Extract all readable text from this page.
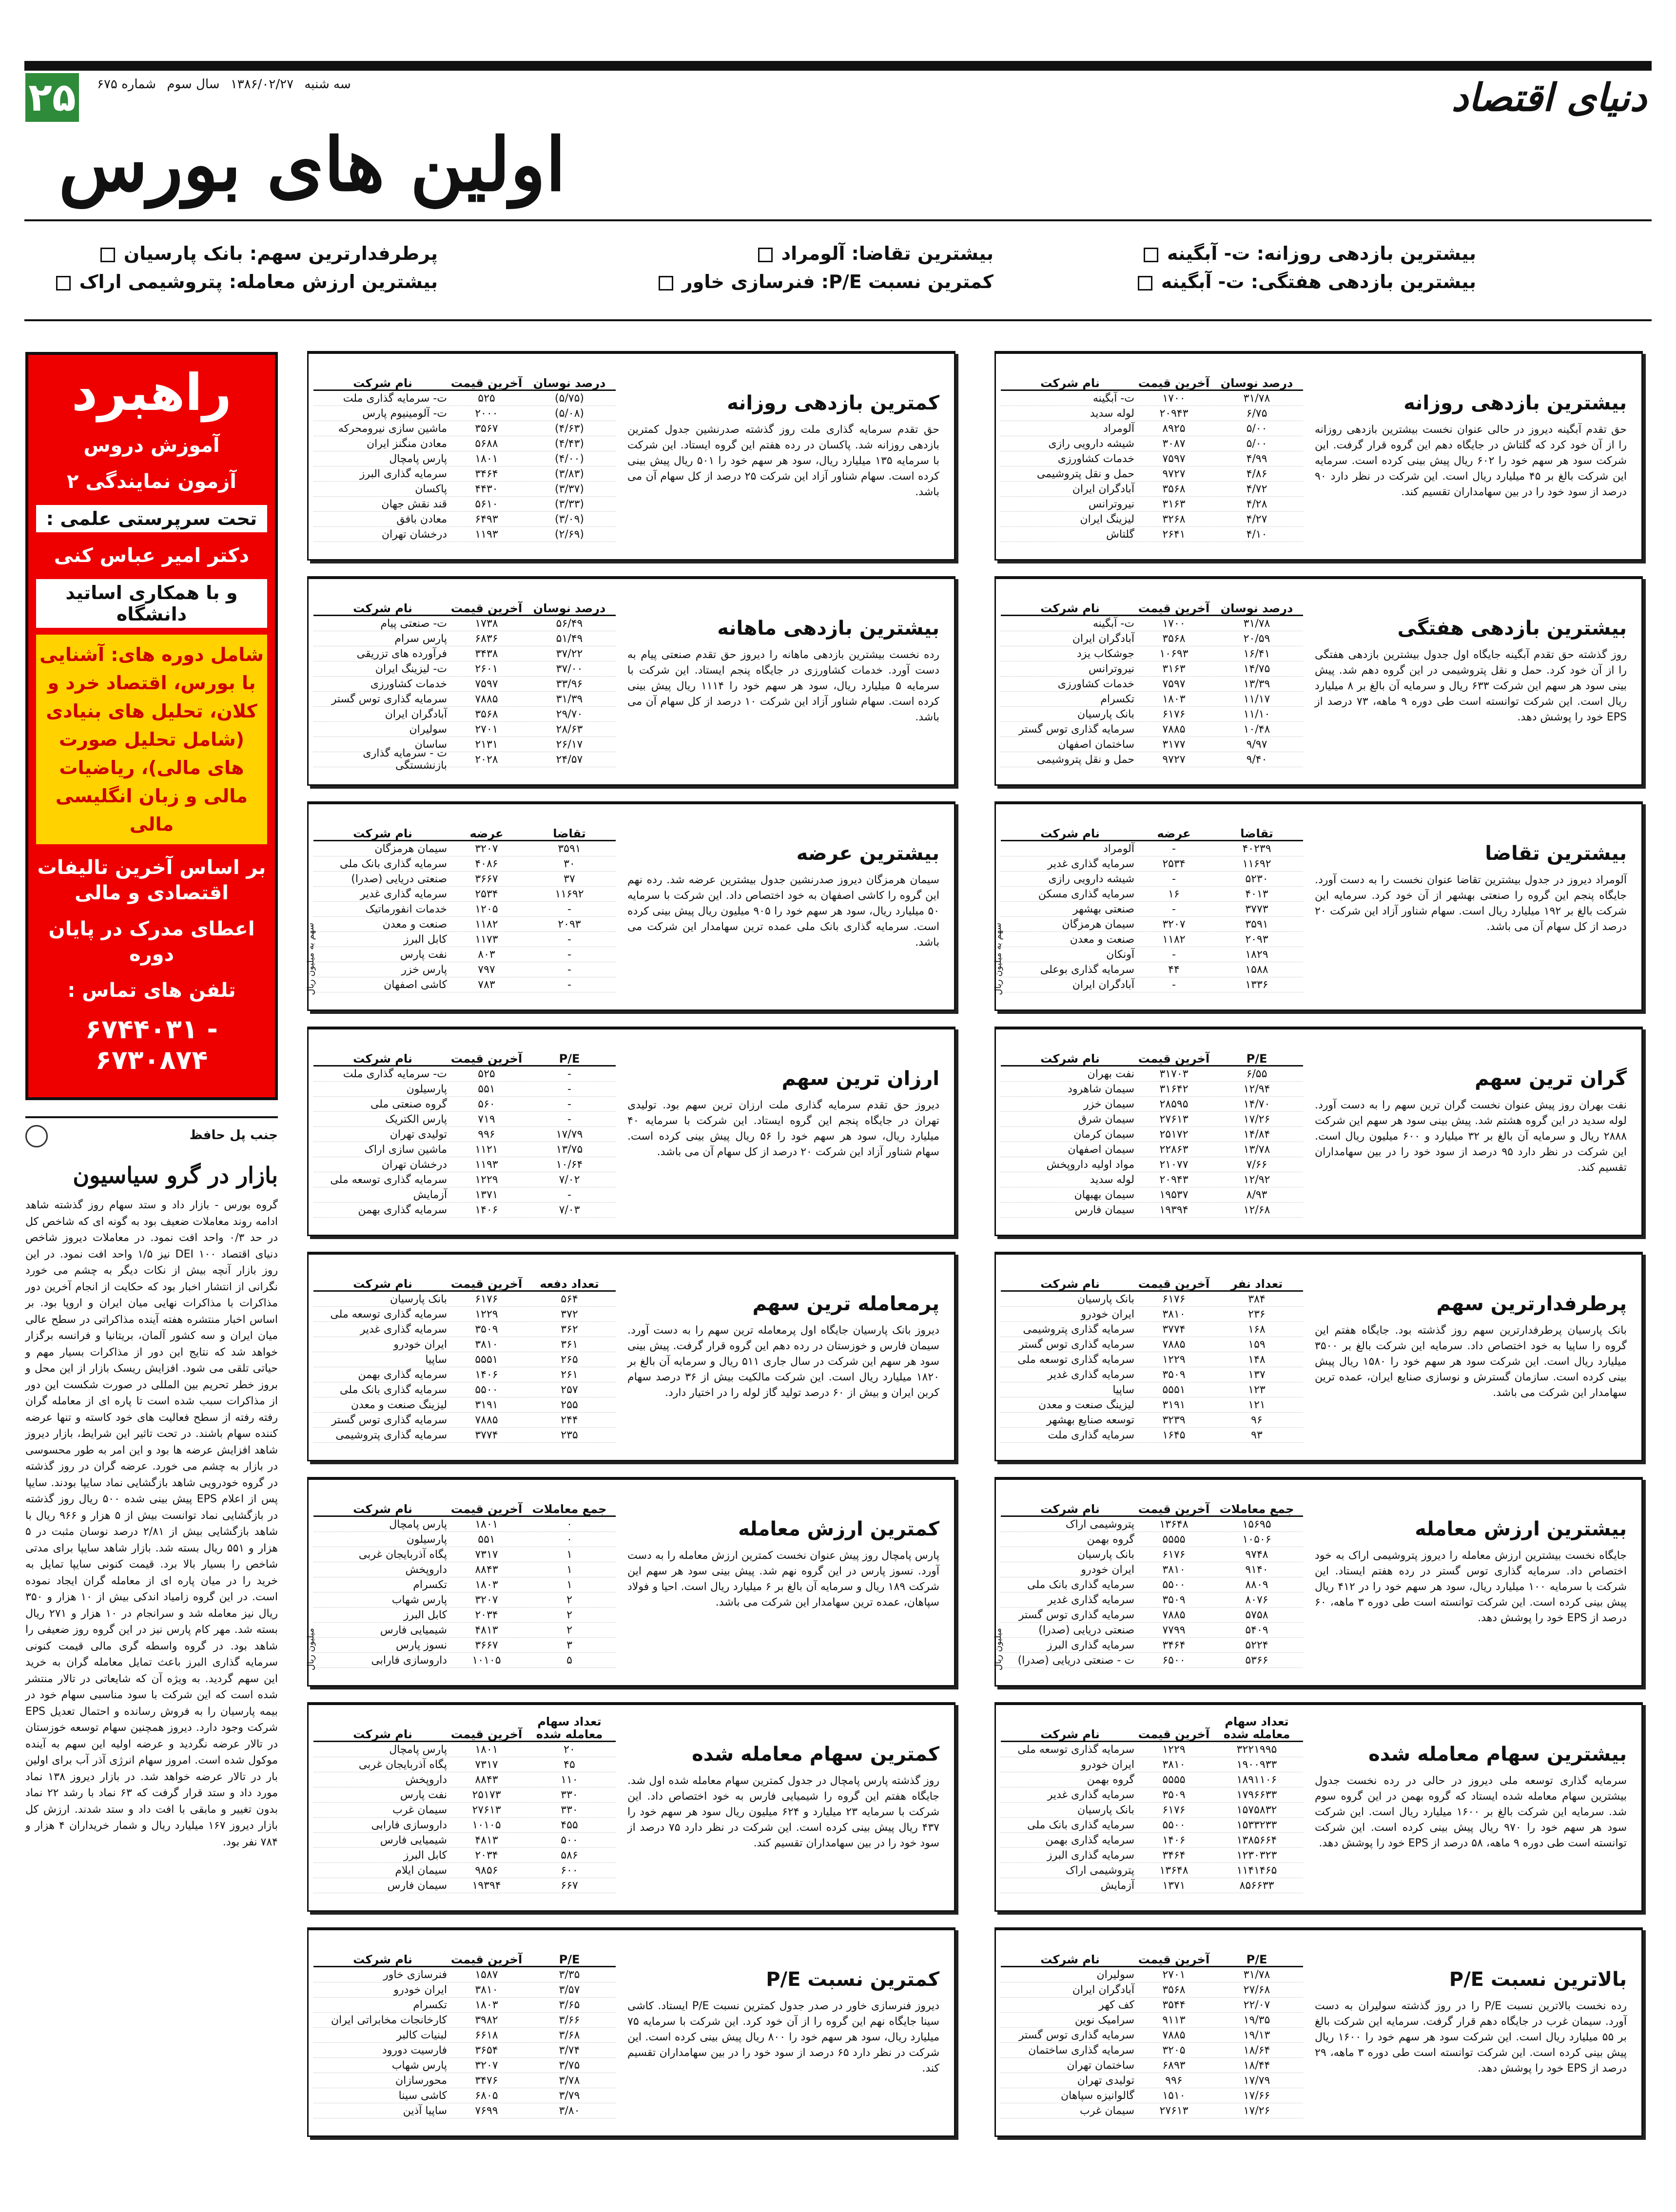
دنیای اقتصاد
۲۵	سه شنبه ۱۳۸۶/۰۲/۲۷ سال سوم شماره ۶۷۵
اولین های بورس
بیشترین بازدهی روزانه: ت- آبگینه
بیشترین تقاضا: آلومراد
پرطرفدارترین سهم: بانک پارسیان
بیشترین بازدهی هفتگی: ت- آبگینه
کمترین نسبت P/E: فنرسازی خاور
بیشترین ارزش معامله: پتروشیمی اراک
درصد نوسان
آخرین قیمت
نام شرکت
۳۱/۷۸
۱۷۰۰
ت- آبگینه
۶/۷۵
۲۰۹۴۳
لوله سدید
۵/۰۰
۸۹۲۵
آلومراد
۵/۰۰
۳۰۸۷
شیشه دارویی رازی
۴/۹۹
۷۵۹۷
خدمات کشاورزی
۴/۸۶
۹۷۲۷
حمل و نقل پتروشیمی
۴/۷۲
۳۵۶۸
آبادگران ایران
۴/۲۸
۳۱۶۳
نیروترانس
۴/۲۷
۳۲۶۸
لیزینگ ایران
۴/۱۰
۲۶۴۱
گلتاش
بیشترین بازدهی روزانه
حق تقدم آبگینه دیروز در حالی عنوان نخست بیشترین بازدهی روزانه را از آن خود کرد که گلتاش در جایگاه دهم این گروه قرار گرفت. این شرکت سود هر سهم خود را ۶۰۲ ریال پیش بینی کرده است. سرمایه این شرکت بالغ بر ۴۵ میلیارد ریال است. این شرکت در نظر دارد ۹۰ درصد از سود خود را در بین سهامداران تقسیم کند.
درصد نوسان
آخرین قیمت
نام شرکت
(۵/۷۵)
۵۲۵
ت- سرمایه گذاری ملت
(۵/۰۸)
۲۰۰۰
ت- آلومینیوم پارس
(۴/۶۳)
۳۵۶۷
ماشین سازی نیرومحرکه
(۴/۴۳)
۵۶۸۸
معادن منگنز ایران
(۴/۰۰)
۱۸۰۱
پارس پامچال
(۳/۸۳)
۳۴۶۴
سرمایه گذاری البرز
(۳/۳۷)
۴۴۳۰
پاکسان
(۳/۳۳)
۵۶۱۰
قند نقش جهان
(۳/۰۹)
۶۴۹۳
معادن بافق
(۲/۶۹)
۱۱۹۳
درخشان تهران
کمترین بازدهی روزانه
حق تقدم سرمایه گذاری ملت روز گذشته صدرنشین جدول کمترین بازدهی روزانه شد. پاکسان در رده هفتم این گروه ایستاد. این شرکت با سرمایه ۱۳۵ میلیارد ریال، سود هر سهم خود را ۵۰۱ ریال پیش بینی کرده است. سهام شناور آزاد این شرکت ۲۵ درصد از کل سهام آن می باشد.
درصد نوسان
آخرین قیمت
نام شرکت
۳۱/۷۸
۱۷۰۰
ت- آبگینه
۲۰/۵۹
۳۵۶۸
آبادگران ایران
۱۶/۴۱
۱۰۶۹۳
جوشکاب یزد
۱۴/۷۵
۳۱۶۳
نیروترانس
۱۳/۳۹
۷۵۹۷
خدمات کشاورزی
۱۱/۱۷
۱۸۰۳
تکسرام
۱۱/۱۰
۶۱۷۶
بانک پارسیان
۱۰/۴۸
۷۸۸۵
سرمایه گذاری توس گستر
۹/۹۷
۳۱۷۷
ساختمان اصفهان
۹/۴۰
۹۷۲۷
حمل و نقل پتروشیمی
بیشترین بازدهی هفتگی
روز گذشته حق تقدم آبگینه جایگاه اول جدول بیشترین بازدهی هفتگی را از آن خود کرد. حمل و نقل پتروشیمی در این گروه دهم شد. پیش بینی سود هر سهم این شرکت ۶۳۳ ریال و سرمایه آن بالغ بر ۸ میلیارد ریال است. این شرکت توانسته است طی دوره ۹ ماهه، ۷۳ درصد از EPS خود را پوشش دهد.
درصد نوسان
آخرین قیمت
نام شرکت
۵۶/۴۹
۱۷۳۸
ت- صنعتی پیام
۵۱/۴۹
۶۸۳۶
پارس سرام
۳۷/۲۲
۳۴۳۸
فرآورده های تزریقی
۳۷/۰۰
۲۶۰۱
ت- لیزینگ ایران
۳۳/۹۶
۷۵۹۷
خدمات کشاورزی
۳۱/۳۹
۷۸۸۵
سرمایه گذاری توس گستر
۲۹/۷۰
۳۵۶۸
آبادگران ایران
۲۸/۶۳
۲۷۰۱
سولیران
۲۶/۱۷
۲۱۳۱
ساسان
۲۴/۵۷
۲۰۲۸
ت - سرمایه گذاری بازنشستگی
بیشترین بازدهی ماهانه
رده نخست بیشترین بازدهی ماهانه را دیروز حق تقدم صنعتی پیام به دست آورد. خدمات کشاورزی در جایگاه پنجم ایستاد. این شرکت با سرمایه ۵ میلیارد ریال، سود هر سهم خود را ۱۱۱۴ ریال پیش بینی کرده است. سهام شناور آزاد این شرکت ۱۰ درصد از کل سهام آن می باشد.
تقاضا
عرضه
نام شرکت
۴۰۲۳۹
-
آلومراد
۱۱۶۹۲
۲۵۳۴
سرمایه گذاری غدیر
۵۲۳۰
-
شیشه دارویی رازی
۴۰۱۳
۱۶
سرمایه گذاری مسکن
۳۷۷۳
-
صنعتی بهشهر
۳۵۹۱
۳۲۰۷
سیمان هرمزگان
۲۰۹۳
۱۱۸۲
صنعت و معدن
۱۸۲۹
-
آونکان
۱۵۸۸
۴۴
سرمایه گذاری بوعلی
۱۳۳۶
-
آبادگران ایران
بیشترین تقاضا
آلومراد دیروز در جدول بیشترین تقاضا عنوان نخست را به دست آورد. جایگاه پنجم این گروه را صنعتی بهشهر از آن خود کرد. سرمایه این شرکت بالغ بر ۱۹۲ میلیارد ریال است. سهام شناور آزاد این شرکت ۲۰ درصد از کل سهام آن می باشد.
سهم به میلیون ریال
تقاضا
عرضه
نام شرکت
۳۵۹۱
۳۲۰۷
سیمان هرمزگان
۳۰
۴۰۸۶
سرمایه گذاری بانک ملی
۳۷
۳۶۶۷
صنعتی دریایی (صدرا)
۱۱۶۹۲
۲۵۳۴
سرمایه گذاری غدیر
-
۱۲۰۵
خدمات انفورماتیک
۲۰۹۳
۱۱۸۲
صنعت و معدن
-
۱۱۷۳
کابل البرز
-
۸۰۳
نفت پارس
-
۷۹۷
پارس خزر
-
۷۸۳
کاشی اصفهان
بیشترین عرضه
سیمان هرمزگان دیروز صدرنشین جدول بیشترین عرضه شد. رده نهم این گروه را کاشی اصفهان به خود اختصاص داد. این شرکت با سرمایه ۵۰ میلیارد ریال، سود هر سهم خود را ۹۰۵ میلیون ریال پیش بینی کرده است. سرمایه گذاری بانک ملی عمده ترین سهامدار این شرکت می باشد.
سهم به میلیون ریال
P/E
آخرین قیمت
نام شرکت
۶/۵۵
۳۱۷۰۳
نفت بهران
۱۲/۹۴
۳۱۶۴۲
سیمان شاهرود
۱۴/۷۰
۲۸۵۹۵
سیمان خزر
۱۷/۲۶
۲۷۶۱۳
سیمان شرق
۱۴/۸۴
۲۵۱۷۲
سیمان کرمان
۱۳/۷۸
۲۲۸۶۳
سیمان اصفهان
۷/۶۶
۲۱۰۷۷
مواد اولیه داروپخش
۱۲/۹۲
۲۰۹۴۳
لوله سدید
۸/۹۳
۱۹۵۳۷
سیمان بهبهان
۱۲/۶۸
۱۹۳۹۴
سیمان فارس
گران ترین سهم
نفت بهران روز پیش عنوان نخست گران ترین سهم را به دست آورد. لوله سدید در این گروه هشتم شد. پیش بینی سود هر سهم این شرکت ۲۸۸۸ ریال و سرمایه آن بالغ بر ۳۲ میلیارد و ۶۰۰ میلیون ریال است. این شرکت در نظر دارد ۹۵ درصد از سود خود را در بین سهامداران تقسیم کند.
P/E
آخرین قیمت
نام شرکت
-
۵۲۵
ت- سرمایه گذاری ملت
-
۵۵۱
پارسیلون
-
۵۶۰
گروه صنعتی ملی
-
۷۱۹
پارس الکتریک
۱۷/۷۹
۹۹۶
تولیدی تهران
۱۳/۷۵
۱۱۲۱
ماشین سازی اراک
۱۰/۶۴
۱۱۹۳
درخشان تهران
۷/۰۲
۱۲۲۹
سرمایه گذاری توسعه ملی
-
۱۳۷۱
آزمایش
۷/۰۳
۱۴۰۶
سرمایه گذاری بهمن
ارزان ترین سهم
دیروز حق تقدم سرمایه گذاری ملت ارزان ترین سهم بود. تولیدی تهران در جایگاه پنجم این گروه ایستاد. این شرکت با سرمایه ۴۰ میلیارد ریال، سود هر سهم خود را ۵۶ ریال پیش بینی کرده است. سهام شناور آزاد این شرکت ۲۰ درصد از کل سهام آن می باشد.
تعداد نفر
آخرین قیمت
نام شرکت
۳۸۴
۶۱۷۶
بانک پارسیان
۲۳۶
۳۸۱۰
ایران خودرو
۱۶۸
۳۷۷۴
سرمایه گذاری پتروشیمی
۱۵۹
۷۸۸۵
سرمایه گذاری توس گستر
۱۴۸
۱۲۲۹
سرمایه گذاری توسعه ملی
۱۳۷
۳۵۰۹
سرمایه گذاری غدیر
۱۲۳
۵۵۵۱
ساپیا
۱۲۱
۳۱۹۱
لیزینگ صنعت و معدن
۹۶
۳۲۳۹
توسعه صنایع بهشهر
۹۳
۱۶۴۵
سرمایه گذاری ملت
پرطرفدارترین سهم
بانک پارسیان پرطرفدارترین سهم روز گذشته بود. جایگاه هفتم این گروه را ساپیا به خود اختصاص داد. سرمایه این شرکت بالغ بر ۳۵۰۰ میلیارد ریال است. این شرکت سود هر سهم خود را ۱۵۸۰ ریال پیش بینی کرده است. سازمان گسترش و نوسازی صنایع ایران، عمده ترین سهامدار این شرکت می باشد.
تعداد دفعه
آخرین قیمت
نام شرکت
۵۶۴
۶۱۷۶
بانک پارسیان
۳۷۲
۱۲۲۹
سرمایه گذاری توسعه ملی
۳۶۲
۳۵۰۹
سرمایه گذاری غدیر
۳۶۱
۳۸۱۰
ایران خودرو
۲۶۵
۵۵۵۱
ساپیا
۲۶۱
۱۴۰۶
سرمایه گذاری بهمن
۲۵۷
۵۵۰۰
سرمایه گذاری بانک ملی
۲۵۵
۳۱۹۱
لیزینگ صنعت و معدن
۲۴۴
۷۸۸۵
سرمایه گذاری توس گستر
۲۳۵
۳۷۷۴
سرمایه گذاری پتروشیمی
پرمعامله ترین سهم
دیروز بانک پارسیان جایگاه اول پرمعامله ترین سهم را به دست آورد. سیمان فارس و خوزستان در رده دهم این گروه قرار گرفت. پیش بینی سود هر سهم این شرکت در سال جاری ۵۱۱ ریال و سرمایه آن بالغ بر ۱۸۲۰ میلیارد ریال است. این شرکت مالکیت بیش از ۳۶ درصد سهام کربن ایران و بیش از ۶۰ درصد تولید گاز لوله را در اختیار دارد.
جمع معاملات
آخرین قیمت
نام شرکت
۱۵۶۹۵
۱۳۶۴۸
پتروشیمی اراک
۱۰۵۰۶
۵۵۵۵
گروه بهمن
۹۷۴۸
۶۱۷۶
بانک پارسیان
۹۱۴۰
۳۸۱۰
ایران خودرو
۸۸۰۹
۵۵۰۰
سرمایه گذاری بانک ملی
۸۰۷۶
۳۵۰۹
سرمایه گذاری غدیر
۵۷۵۸
۷۸۸۵
سرمایه گذاری توس گستر
۵۴۰۹
۷۷۹۹
صنعتی دریایی (صدرا)
۵۲۲۴
۳۴۶۴
سرمایه گذاری البرز
۵۳۶۶
۶۵۰۰
ت - صنعتی دریایی (صدرا)
بیشترین ارزش معامله
جایگاه نخست بیشترین ارزش معامله را دیروز پتروشیمی اراک به خود اختصاص داد. سرمایه گذاری توس گستر در رده هفتم ایستاد. این شرکت با سرمایه ۱۰۰ میلیارد ریال، سود هر سهم خود را در ۴۱۲ ریال پیش بینی کرده است. این شرکت توانسته است طی دوره ۳ ماهه، ۶۰ درصد از EPS خود را پوشش دهد.
میلیون ریال
جمع معاملات
آخرین قیمت
نام شرکت
۰
۱۸۰۱
پارس پامچال
۰
۵۵۱
پارسیلون
۱
۷۳۱۷
پگاه آذربایجان غربی
۱
۸۸۴۳
داروپخش
۱
۱۸۰۳
تکسرام
۲
۳۲۰۷
پارس شهاب
۲
۲۰۳۴
کابل البرز
۲
۴۸۱۳
شیمیایی فارس
۳
۳۶۶۷
نسوز پارس
۵
۱۰۱۰۵
داروسازی فارابی
کمترین ارزش معامله
پارس پامچال روز پیش عنوان نخست کمترین ارزش معامله را به دست آورد. نسوز پارس در این گروه نهم شد. پیش بینی سود هر سهم این شرکت ۱۸۹ ریال و سرمایه آن بالغ بر ۶ میلیارد ریال است. احیا و فولاد سپاهان، عمده ترین سهامدار این شرکت می باشد.
میلیون ریال
تعداد سهام معامله شده
آخرین قیمت
نام شرکت
۳۲۲۱۹۹۵
۱۲۲۹
سرمایه گذاری توسعه ملی
۱۹۰۰۹۳۳
۳۸۱۰
ایران خودرو
۱۸۹۱۱۰۶
۵۵۵۵
گروه بهمن
۱۷۹۶۶۳۳
۳۵۰۹
سرمایه گذاری غدیر
۱۵۷۵۸۳۲
۶۱۷۶
بانک پارسیان
۱۵۳۳۲۳۳
۵۵۰۰
سرمایه گذاری بانک ملی
۱۳۸۵۶۶۴
۱۴۰۶
سرمایه گذاری بهمن
۱۲۳۰۳۲۳
۳۴۶۴
سرمایه گذاری البرز
۱۱۴۱۴۶۵
۱۳۶۴۸
پتروشیمی اراک
۸۵۶۶۳۳
۱۳۷۱
آزمایش
بیشترین سهام معامله شده
سرمایه گذاری توسعه ملی دیروز در حالی در رده نخست جدول بیشترین سهام معامله شده ایستاد که گروه بهمن در این گروه سوم شد. سرمایه این شرکت بالغ بر ۱۶۰۰ میلیارد ریال است. این شرکت سود هر سهم خود را ۹۷۰ ریال پیش بینی کرده است. این شرکت توانسته است طی دوره ۹ ماهه، ۵۸ درصد از EPS خود را پوشش دهد.
تعداد سهام معامله شده
آخرین قیمت
نام شرکت
۲۰
۱۸۰۱
پارس پامچال
۴۵
۷۳۱۷
پگاه آذربایجان غربی
۱۱۰
۸۸۴۳
داروپخش
۳۳۰
۲۵۱۷۳
نفت پارس
۳۳۰
۲۷۶۱۳
سیمان غرب
۴۵۵
۱۰۱۰۵
داروسازی فارابی
۵۰۰
۴۸۱۳
شیمیایی فارس
۵۸۶
۲۰۳۴
کابل البرز
۶۰۰
۹۸۵۶
سیمان ایلام
۶۶۷
۱۹۳۹۴
سیمان فارس
کمترین سهام معامله شده
روز گذشته پارس پامچال در جدول کمترین سهام معامله شده اول شد. جایگاه هفتم این گروه را شیمیایی فارس به خود اختصاص داد. این شرکت با سرمایه ۲۳ میلیارد و ۶۲۴ میلیون ریال سود هر سهم خود را ۴۳۷ ریال پیش بینی کرده است. این شرکت در نظر دارد ۷۵ درصد از سود خود را در بین سهامداران تقسیم کند.
P/E
آخرین قیمت
نام شرکت
۳۱/۷۸
۲۷۰۱
سولیران
۲۷/۶۸
۳۵۶۸
آبادگران ایران
۲۲/۰۷
۳۵۴۴
کف کهر
۱۹/۳۵
۹۱۱۳
سرامیک نوین
۱۹/۱۳
۷۸۸۵
سرمایه گذاری توس گستر
۱۸/۶۴
۳۲۰۵
سرمایه گذاری ساختمان
۱۸/۴۴
۶۸۹۳
ساختمان تهران
۱۷/۷۹
۹۹۶
تولیدی تهران
۱۷/۶۶
۱۵۱۰
گالوانیزه سپاهان
۱۷/۲۶
۲۷۶۱۳
سیمان غرب
بالاترین نسبت P/E
رده نخست بالاترین نسبت P/E را در روز گذشته سولیران به دست آورد. سیمان غرب در جایگاه دهم قرار گرفت. سرمایه این شرکت بالغ بر ۵۵ میلیارد ریال است. این شرکت سود هر سهم خود را ۱۶۰۰ ریال پیش بینی کرده است. این شرکت توانسته است طی دوره ۳ ماهه، ۲۹ درصد از EPS خود را پوشش دهد.
P/E
آخرین قیمت
نام شرکت
۳/۳۵
۱۵۸۷
فنرسازی خاور
۳/۵۷
۳۸۱۰
ایران خودرو
۳/۶۵
۱۸۰۳
تکسرام
۳/۶۶
۳۹۸۲
کارخانجات مخابراتی ایران
۳/۶۸
۶۶۱۸
لبنیات کالبر
۳/۷۴
۳۶۵۴
فارسیت دورود
۳/۷۵
۳۲۰۷
پارس شهاب
۳/۷۸
۳۴۷۶
محورسازان
۳/۷۹
۶۸۰۵
کاشی سینا
۳/۸۰
۷۶۹۹
ساپیا آذین
کمترین نسبت P/E
دیروز فنرسازی خاور در صدر جدول کمترین نسبت P/E ایستاد. کاشی سینا جایگاه نهم این گروه را از آن خود کرد. این شرکت با سرمایه ۷۵ میلیارد ریال، سود هر سهم خود را ۸۰۰ ریال پیش بینی کرده است. این شرکت در نظر دارد ۶۵ درصد از سود خود را در بین سهامداران تقسیم کند.
راهبرد
آموزش دروس
آزمون نمایندگی ۲
تحت سرپرستی علمی :
دکتر امیر عباس کنی
و با همکاری اساتید دانشگاه
شامل دوره های: آشنایی با بورس، اقتصاد خرد و کلان، تحلیل های بنیادی (شامل تحلیل صورت های مالی)، ریاضیات مالی و زبان انگلیسی مالی
بر اساس آخرین تالیفات اقتصادی و مالی
اعطای مدرک در پایان دوره
تلفن های تماس :
۶۷۴۴۰۳۱ - ۶۷۳۰۸۷۴
جنب پل حافظ
بازار در گرو سیاسیون
گروه بورس - بازار داد و ستد سهام روز گذشته شاهد ادامه روند معاملات ضعیف بود به گونه ای که شاخص کل در حد ۰/۳ واحد افت نمود. در معاملات دیروز شاخص دنیای اقتصاد DEI ۱۰۰ نیز ۱/۵ واحد افت نمود. در این روز بازار آنچه بیش از نکات دیگر به چشم می خورد نگرانی از انتشار اخبار بود که حکایت از انجام آخرین دور مذاکرات با مذاکرات نهایی میان ایران و اروپا بود. بر اساس اخبار منتشره هفته آینده مذاکراتی در سطح عالی میان ایران و سه کشور آلمان، بریتانیا و فرانسه برگزار خواهد شد که نتایج این دور از مذاکرات بسیار مهم و حیاتی تلقی می شود. افزایش ریسک بازار از این محل و بروز خطر تحریم بین المللی در صورت شکست این دور از مذاکرات سبب شده است تا پاره ای از معامله گران رفته رفته از سطح فعالیت های خود کاسته و تنها عرضه کننده سهام باشند. در تحت تاثیر این شرایط، بازار دیروز شاهد افزایش عرضه ها بود و این امر به طور محسوسی در بازار به چشم می خورد. عرضه گران در روز گذشته در گروه خودرویی شاهد بازگشایی نماد سایپا بودند. سایپا پس از اعلام EPS پیش بینی شده ۵۰۰ ریال روز گذشته در بازگشایی نماد توانست بیش از ۵ هزار و ۹۶۶ ریال با شاهد بازگشایی بیش از ۲/۸۱ درصد نوسان مثبت در ۵ هزار و ۵۵۱ ریال بسته شد. بازار شاهد سایپا برای مدتی شاخص را بسیار بالا برد. قیمت کنونی سایپا تمایل به خرید را در میان پاره ای از معامله گران ایجاد نموده است. در این گروه زامیاد اندکی بیش از ۱۰ هزار و ۳۵۰ ریال نیز معامله شد و سرانجام در ۱۰ هزار و ۲۷۱ ریال بسته شد. مهر کام پارس نیز در این گروه روز ضعیفی را شاهد بود. در گروه واسطه گری مالی قیمت کنونی سرمایه گذاری البرز باعث تمایل معامله گران به خرید این سهم گردید. به ویژه آن که شایعاتی در تالار منتشر شده است که این شرکت با سود مناسبی سهام خود در بیمه پارسیان را به فروش رسانده و احتمال تعدیل EPS شرکت وجود دارد. دیروز همچنین سهام توسعه خوزستان در تالار عرضه نگردید و عرضه اولیه این سهم به آینده موکول شده است. امروز سهام انرژی آذر آب برای اولین بار در تالار عرضه خواهد شد. در بازار دیروز ۱۳۸ نماد مورد داد و ستد قرار گرفت که ۶۳ نماد با رشد ۲۲ نماد بدون تغییر و مابقی با افت داد و ستد شدند. ارزش کل بازار دیروز ۱۶۷ میلیارد ریال و شمار خریداران ۴ هزار و ۷۸۴ نفر بود.
